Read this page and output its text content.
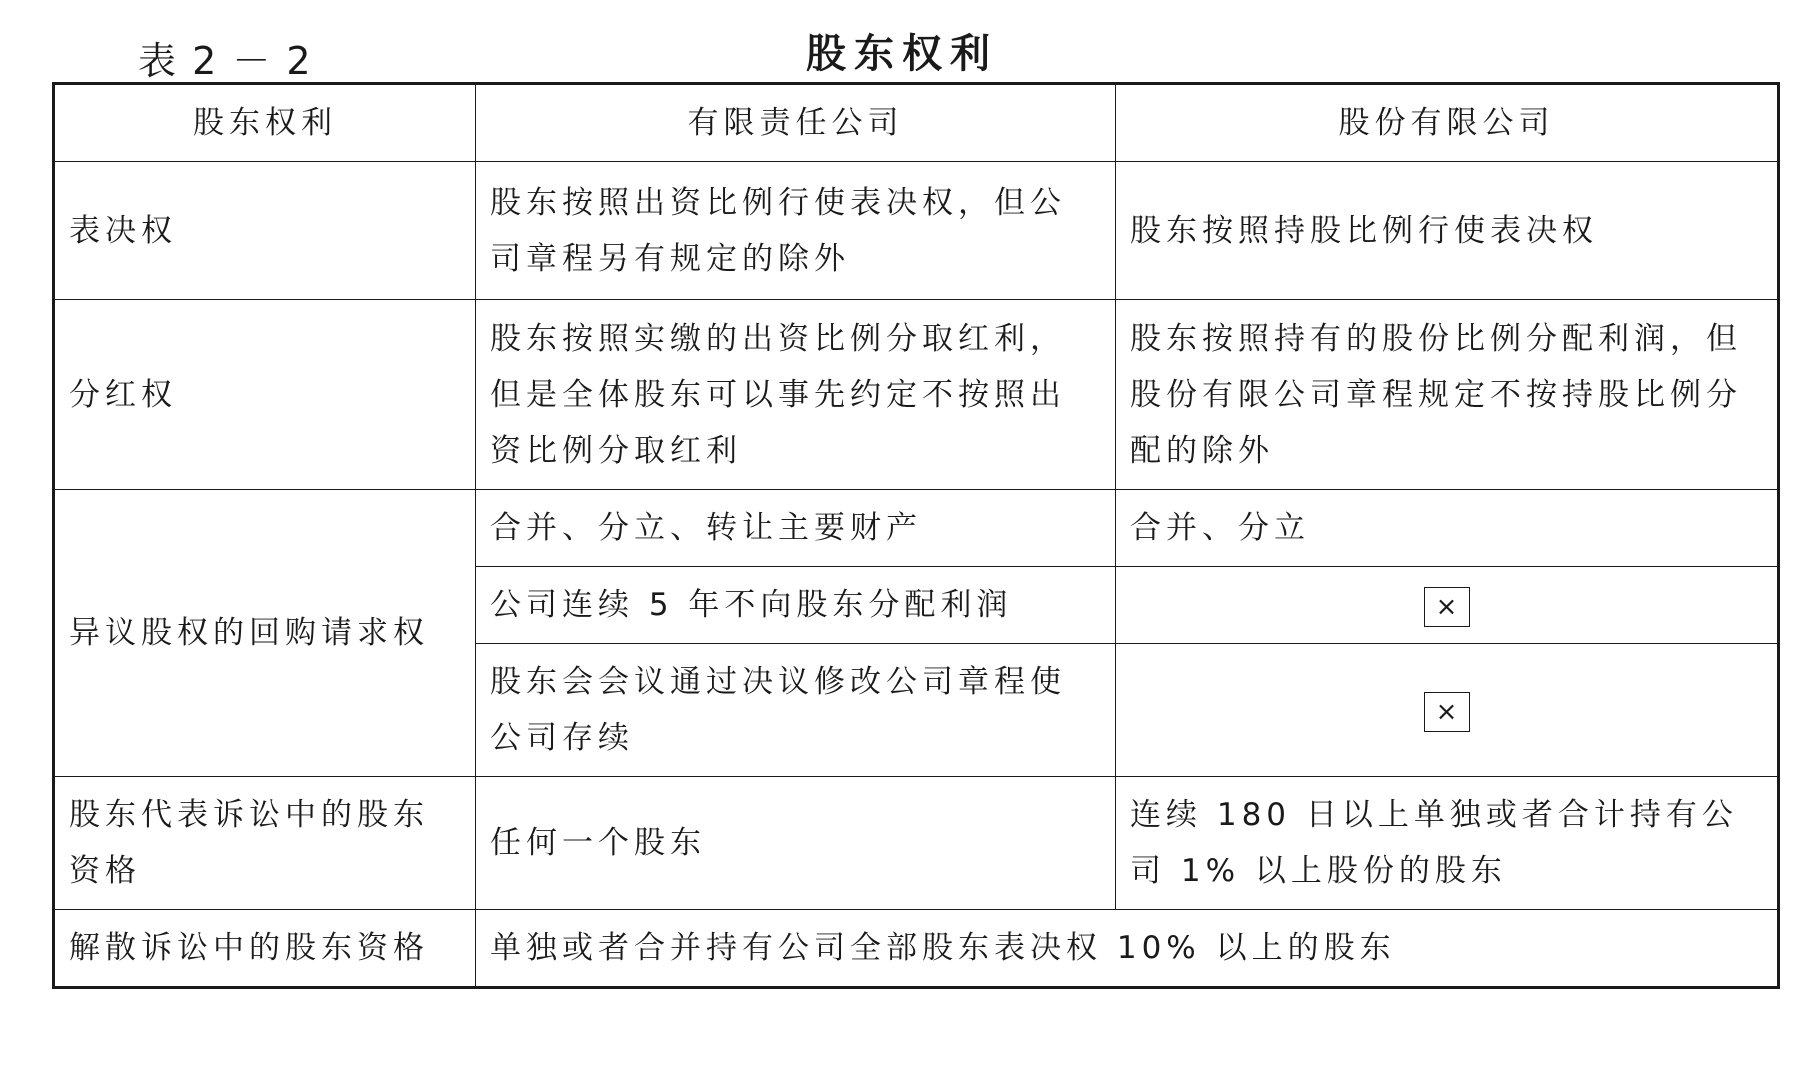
表 2 － 2	股东权利
股东权利	有限责任公司	股份有限公司
表决权	股东按照出资比例行使表决权，但公司章程另有规定的除外	股东按照持股比例行使表决权
分红权	股东按照实缴的出资比例分取红利，但是全体股东可以事先约定不按照出资比例分取红利	股东按照持有的股份比例分配利润，但股份有限公司章程规定不按持股比例分配的除外
异议股权的回购请求权	合并、分立、转让主要财产	合并、分立
	公司连续 5 年不向股东分配利润	×
	股东会会议通过决议修改公司章程使公司存续	×
股东代表诉讼中的股东资格	任何一个股东	连续 180 日以上单独或者合计持有公司 1% 以上股份的股东
解散诉讼中的股东资格	单独或者合并持有公司全部股东表决权 10% 以上的股东	
